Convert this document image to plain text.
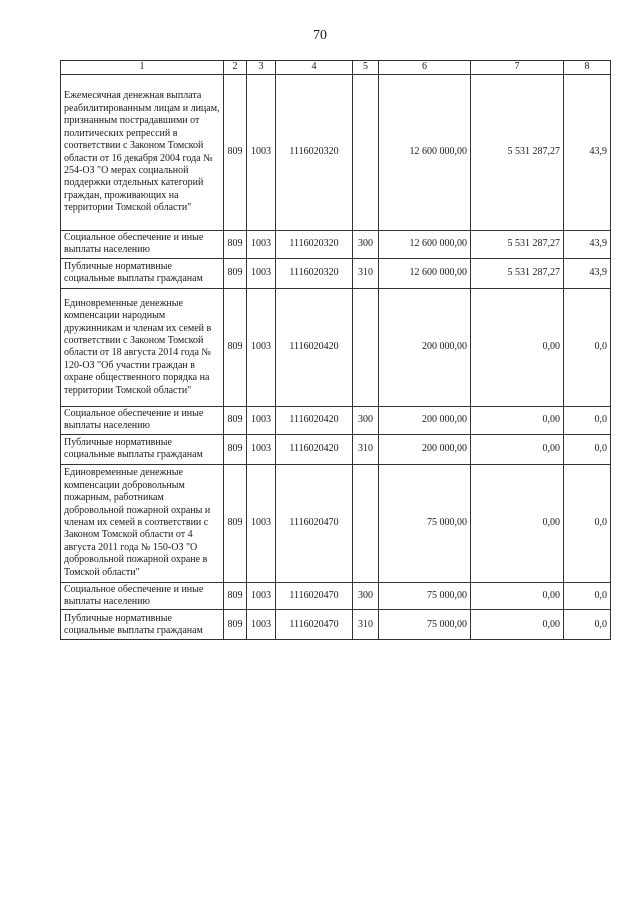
70
1	2	3	4	5	6	7	8
Ежемесячная денежная выплата реабилитированным лицам и лицам, признанным пострадавшими от политических репрессий в соответствии с Законом Томской области от 16 декабря 2004 года № 254-ОЗ "О мерах социальной поддержки отдельных категорий граждан, проживающих на территории Томской области"	809	1003	1116020320		12 600 000,00	5 531 287,27	43,9
Социальное обеспечение и иные выплаты населению	809	1003	1116020320	300	12 600 000,00	5 531 287,27	43,9
Публичные нормативные социальные выплаты гражданам	809	1003	1116020320	310	12 600 000,00	5 531 287,27	43,9
Единовременные денежные компенсации народным дружинникам и членам их семей в соответствии с Законом Томской области от 18 августа 2014 года № 120-ОЗ "Об участии граждан в охране общественного порядка на территории Томской области"	809	1003	1116020420		200 000,00	0,00	0,0
Социальное обеспечение и иные выплаты населению	809	1003	1116020420	300	200 000,00	0,00	0,0
Публичные нормативные социальные выплаты гражданам	809	1003	1116020420	310	200 000,00	0,00	0,0
Единовременные денежные компенсации добровольным пожарным, работникам добровольной пожарной охраны и членам их семей в соответствии с Законом Томской области от 4 августа 2011 года № 150-ОЗ "О добровольной пожарной охране в Томской области"	809	1003	1116020470		75 000,00	0,00	0,0
Социальное обеспечение и иные выплаты населению	809	1003	1116020470	300	75 000,00	0,00	0,0
Публичные нормативные социальные выплаты гражданам	809	1003	1116020470	310	75 000,00	0,00	0,0
